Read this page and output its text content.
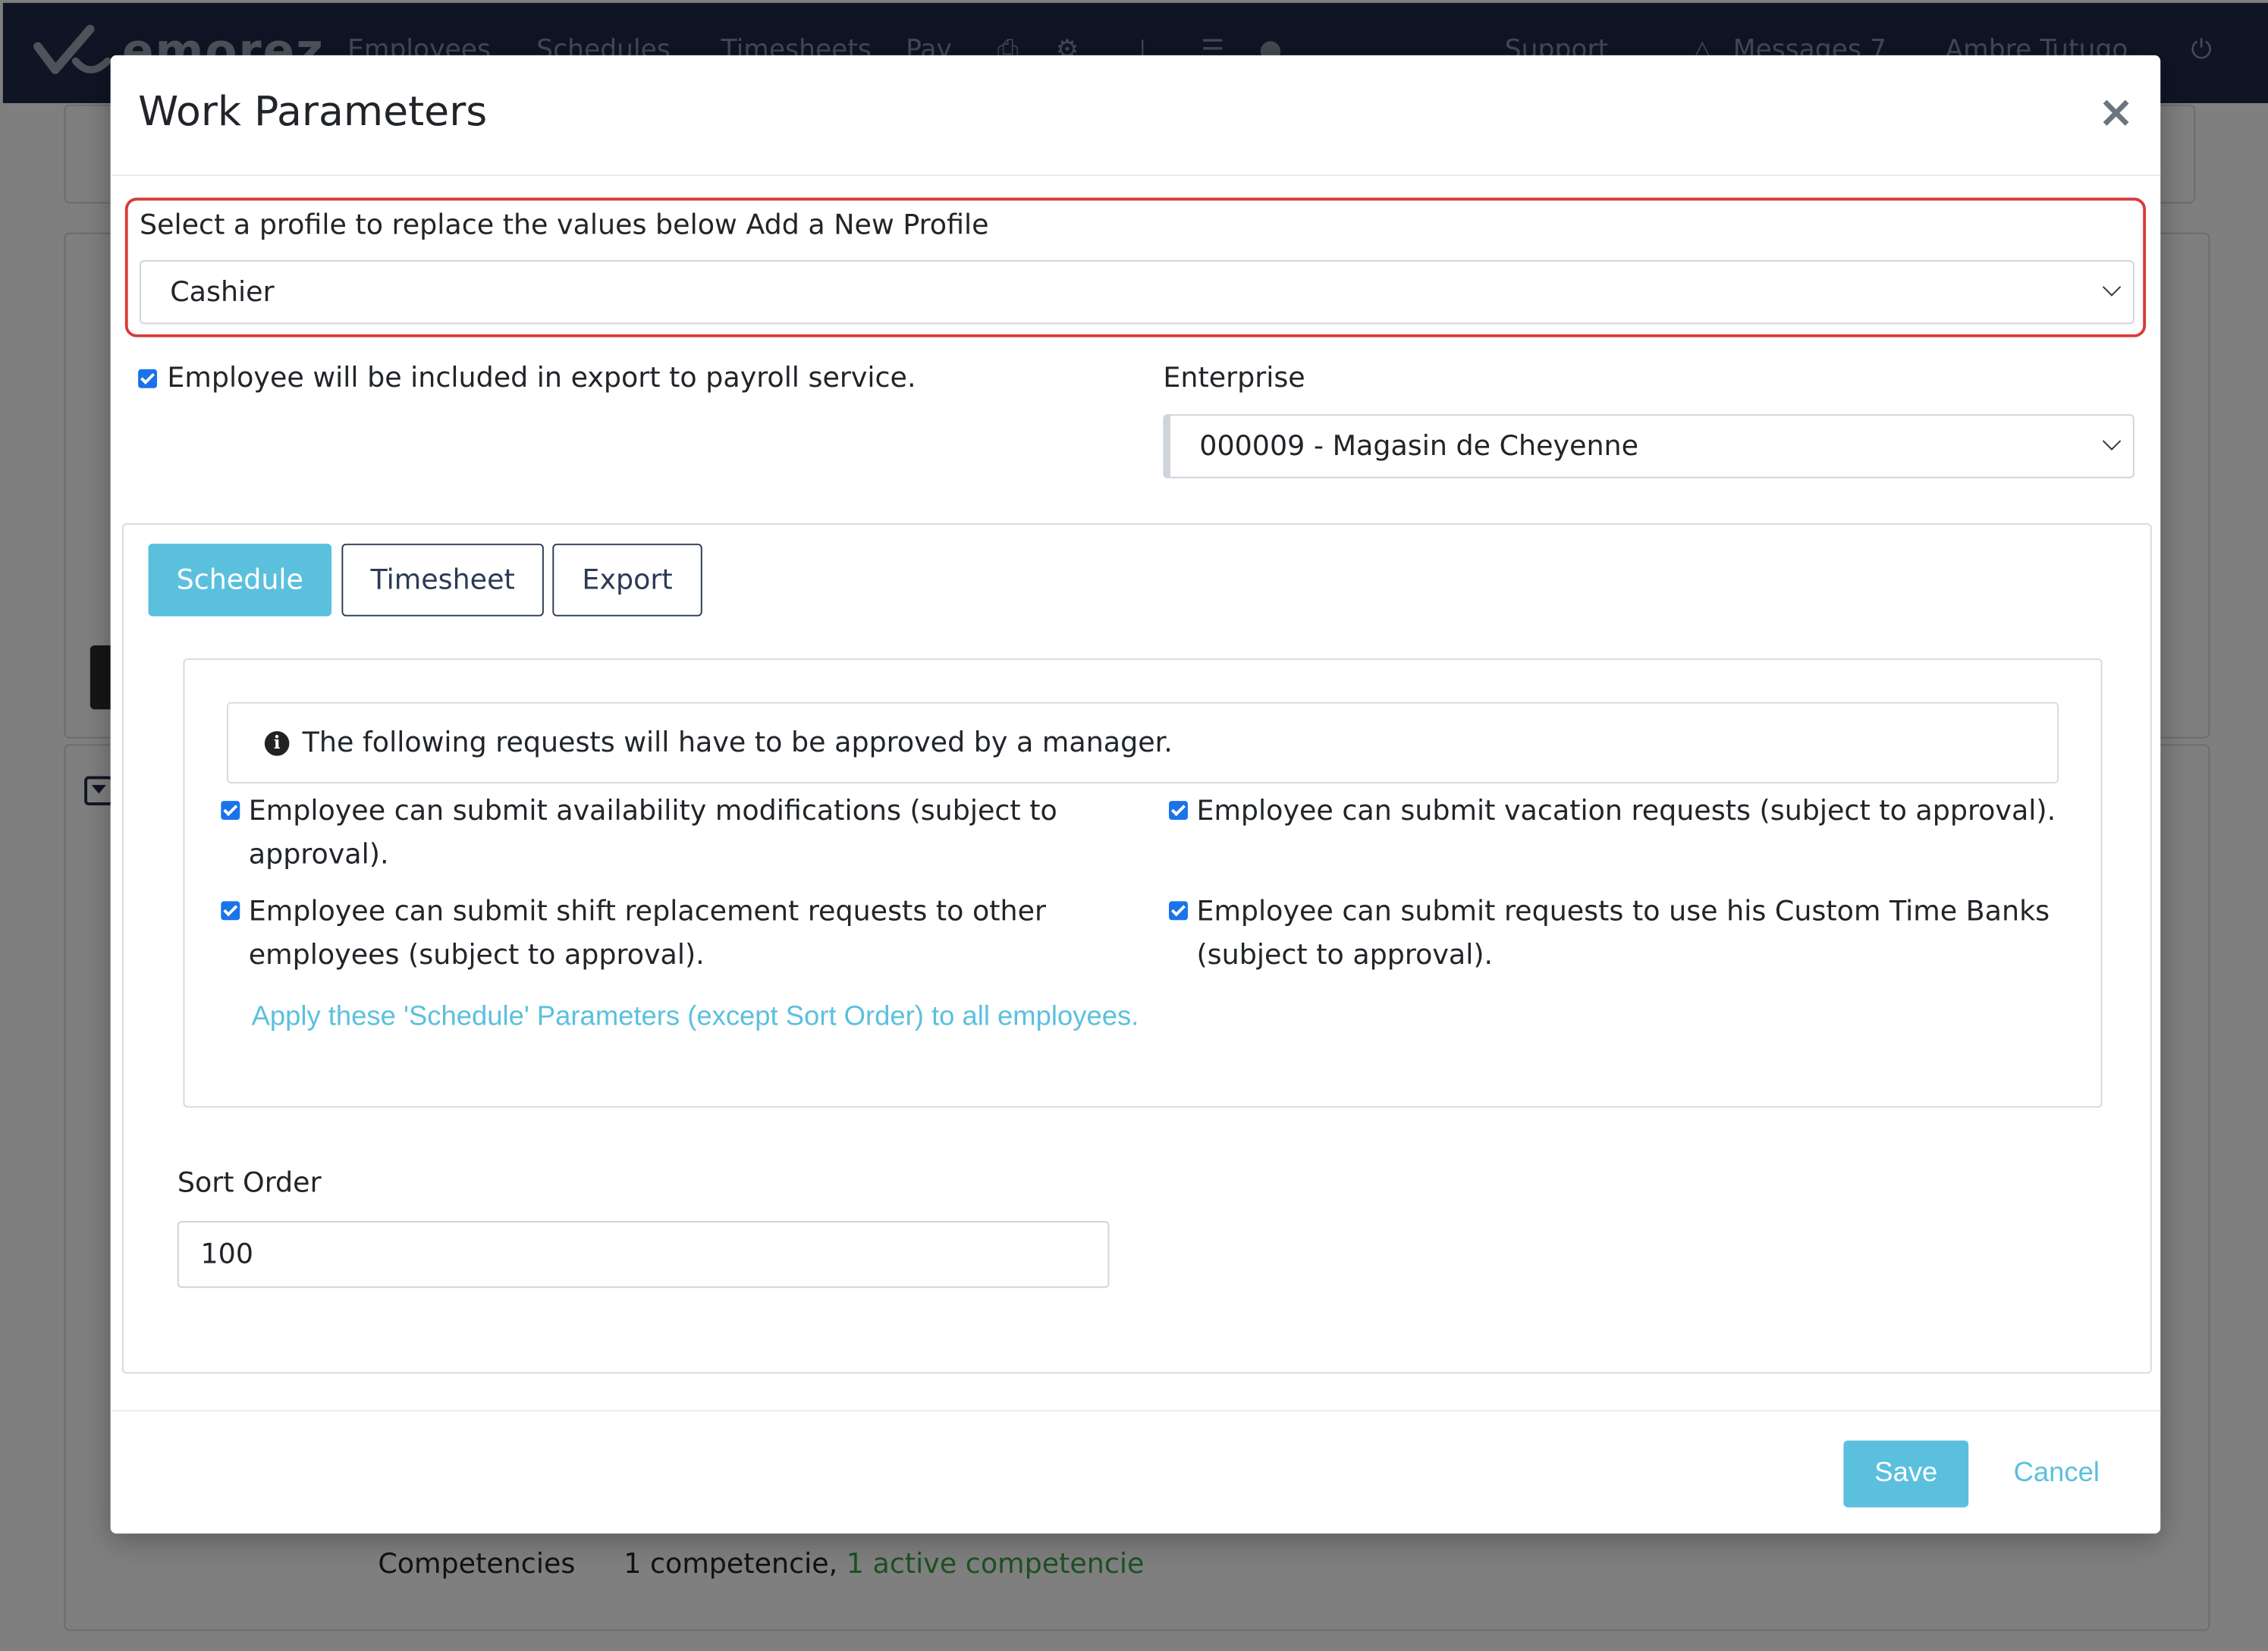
Work Parameters	×
Select a profile to replace the values below Add a New Profile
Cashier
Employee will be included in export to payroll service.	Enterprise
000009 - Magasin de Cheyenne
Schedule	Timesheet	Export
i	The following requests will have to be approved by a manager.
Employee can submit availability modifications (subject to approval).
Employee can submit vacation requests (subject to approval).
Employee can submit shift replacement requests to other employees (subject to approval).
Employee can submit requests to use his Custom Time Banks (subject to approval).
Apply these 'Schedule' Parameters (except Sort Order) to all employees.
Sort Order
100
Save	Cancel
